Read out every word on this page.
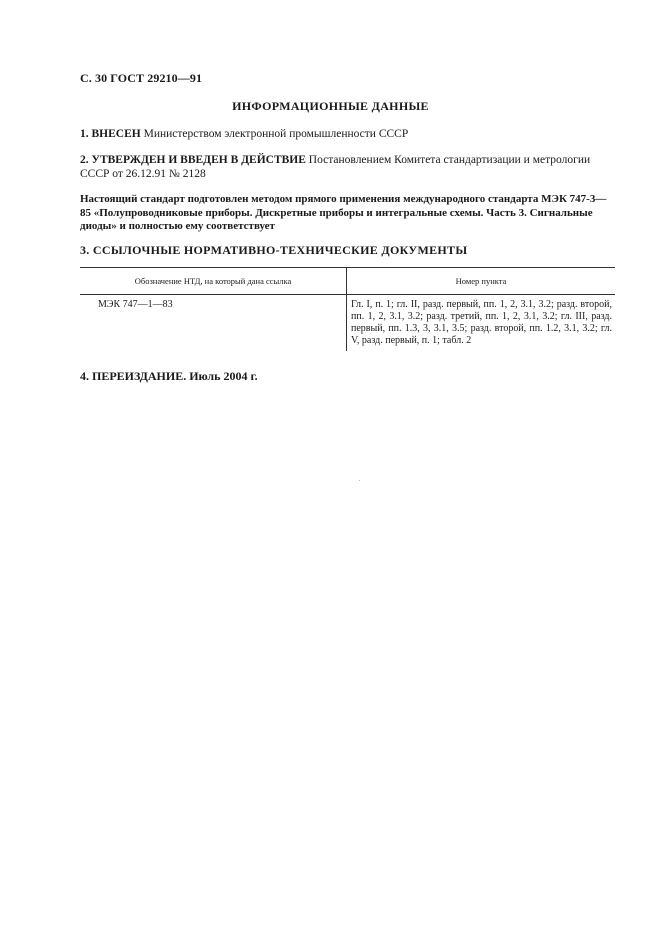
С. 30 ГОСТ 29210—91
ИНФОРМАЦИОННЫЕ ДАННЫЕ
1. ВНЕСЕН Министерством электронной промышленности СССР
2. УТВЕРЖДЕН И ВВЕДЕН В ДЕЙСТВИЕ Постановлением Комитета стандартизации и метрологии СССР от 26.12.91 № 2128
Настоящий стандарт подготовлен методом прямого применения международного стандарта МЭК 747-3—85 «Полупроводниковые приборы. Дискретные приборы и интегральные схемы. Часть 3. Сигнальные диоды» и полностью ему соответствует
3. ССЫЛОЧНЫЕ НОРМАТИВНО-ТЕХНИЧЕСКИЕ ДОКУМЕНТЫ
Обозначение НТД, на который дана ссылка	Номер пункта
МЭК 747—1—83	Гл. I, п. 1; гл. II, разд. первый, пп. 1, 2, 3.1, 3.2; разд. второй, пп. 1, 2, 3.1, 3.2; разд. третий, пп. 1, 2, 3.1, 3.2; гл. III, разд. первый, пп. 1.3, 3, 3.1, 3.5; разд. второй, пп. 1.2, 3.1, 3.2; гл. V, разд. первый, п. 1; табл. 2
4. ПЕРЕИЗДАНИЕ. Июль 2004 г.
